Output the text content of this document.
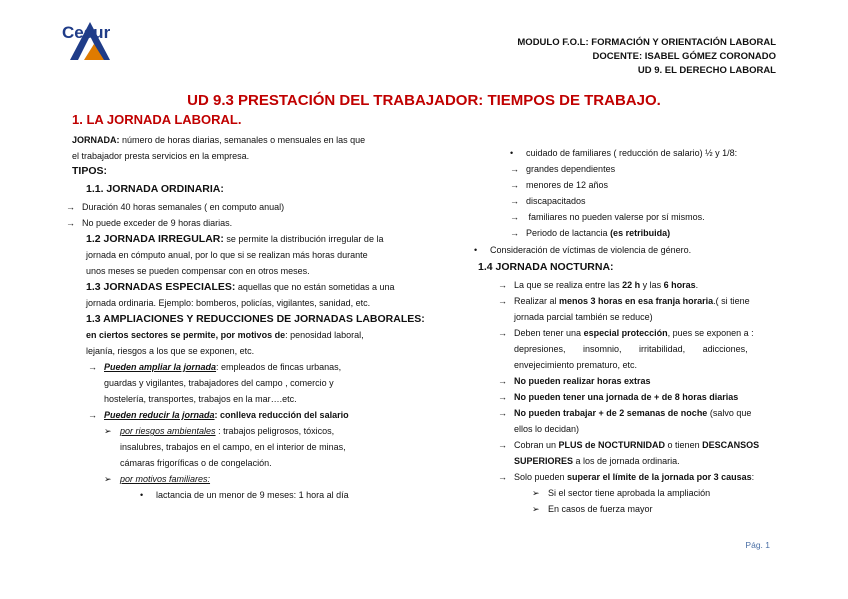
Cesur
MODULO F.O.L: FORMACIÓN Y ORIENTACIÓN LABORAL
DOCENTE: ISABEL GÓMEZ CORONADO
UD 9. EL DERECHO LABORAL
UD 9.3 PRESTACIÓN DEL TRABAJADOR: TIEMPOS DE TRABAJO.
1. LA JORNADA LABORAL.
JORNADA: número de horas diarias, semanales o mensuales en las que
el trabajador presta servicios en la empresa.
TIPOS:
1.1. JORNADA ORDINARIA:
→ Duración 40 horas semanales ( en computo anual)
→ No puede exceder de 9 horas diarias.
1.2 JORNADA IRREGULAR: se permite la distribución irregular de la
jornada en cómputo anual, por lo que si se realizan más horas durante
unos meses se pueden compensar con en otros meses.
1.3 JORNADAS ESPECIALES: aquellas que no están sometidas a una
jornada ordinaria. Ejemplo: bomberos, policías, vigilantes, sanidad, etc.
1.3 AMPLIACIONES Y REDUCCIONES DE JORNADAS LABORALES:
en ciertos sectores se permite, por motivos de: penosidad laboral,
lejanía, riesgos a los que se exponen, etc.
→ Pueden ampliar la jornada: empleados de fincas urbanas,
guardas y vigilantes, trabajadores del campo , comercio y
hostelería, transportes, trabajos en la mar….etc.
→ Pueden reducir la jornada: conlleva reducción del salario
➢ por riesgos ambientales : trabajos peligrosos, tóxicos,
insalubres, trabajos en el campo, en el interior de minas,
cámaras frigoríficas o de congelación.
➢ por motivos familiares:
• lactancia de un menor de 9 meses: 1 hora al día
• cuidado de familiares ( reducción de salario) ½ y 1/8:
→ grandes dependientes
→ menores de 12 años
→ discapacitados
→ familiares no pueden valerse por sí mismos.
→ Periodo de lactancia (es retribuida)
• Consideración de víctimas de violencia de género.
1.4 JORNADA NOCTURNA:
→ La que se realiza entre las 22 h y las 6 horas.
→ Realizar al menos 3 horas en esa franja horaria.( si tiene
jornada parcial también se reduce)
→ Deben tener una especial protección, pues se exponen a :
depresiones,       insomnio,       irritabilidad,       adicciones,
envejecimiento prematuro, etc.
→ No pueden realizar horas extras
→ No pueden tener una jornada de + de 8 horas diarias
→ No pueden trabajar + de 2 semanas de noche (salvo que
ellos lo decidan)
→ Cobran un PLUS de NOCTURNIDAD o tienen DESCANSOS
SUPERIORES a los de jornada ordinaria.
→ Solo pueden superar el límite de la jornada por 3 causas:
➢ Si el sector tiene aprobada la ampliación
➢ En casos de fuerza mayor
Pág. 1
